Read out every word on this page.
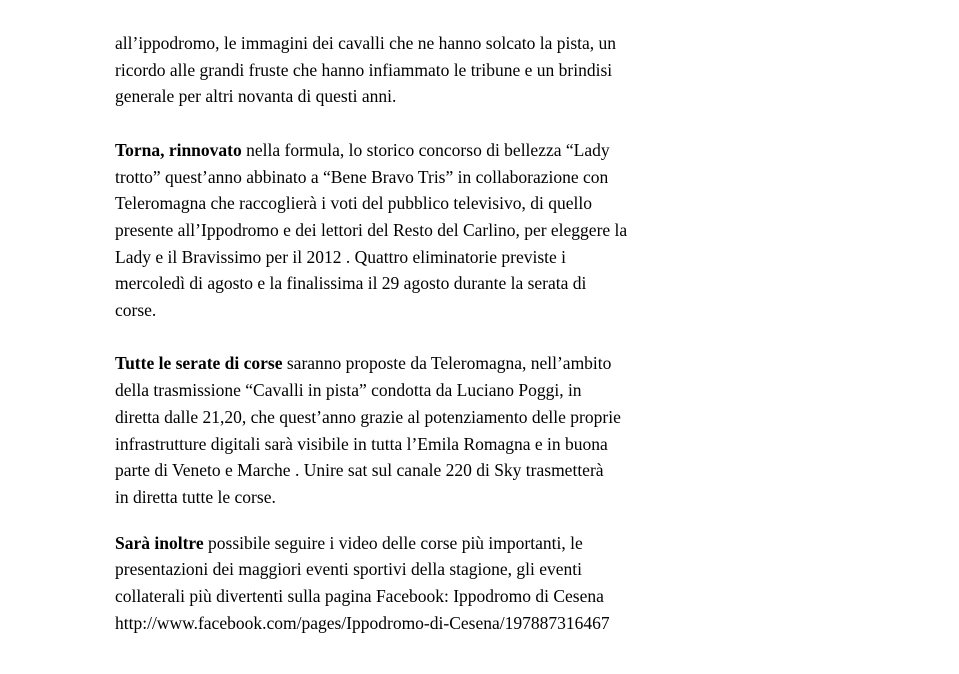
all’ippodromo, le immagini dei cavalli che ne hanno solcato la pista, un
ricordo alle grandi fruste che hanno infiammato le tribune e un brindisi
generale per altri novanta di questi anni.

Torna, rinnovato nella formula, lo storico concorso di bellezza “Lady
trotto” quest’anno abbinato a “Bene Bravo Tris” in collaborazione con
Teleromagna che raccoglierà i voti del pubblico televisivo, di quello
presente all’Ippodromo e dei lettori del Resto del Carlino, per eleggere la
Lady e il Bravissimo per il 2012 . Quattro eliminatorie previste i
mercoledì di agosto e la finalissima il 29 agosto durante la serata di
corse.

Tutte le serate di corse saranno proposte da Teleromagna, nell’ambito
della trasmissione “Cavalli in pista” condotta da Luciano Poggi, in
diretta dalle 21,20, che quest’anno grazie al potenziamento delle proprie
infrastrutture digitali sarà visibile in tutta l’Emila Romagna e in buona
parte di Veneto e Marche . Unire sat sul canale 220 di Sky trasmetterà
in diretta tutte le corse.

Sarà inoltre possibile seguire i video delle corse più importanti, le
presentazioni dei maggiori eventi sportivi della stagione, gli eventi
collaterali più divertenti sulla pagina Facebook: Ippodromo di Cesena
http://www.facebook.com/pages/Ippodromo-di-Cesena/197887316467
